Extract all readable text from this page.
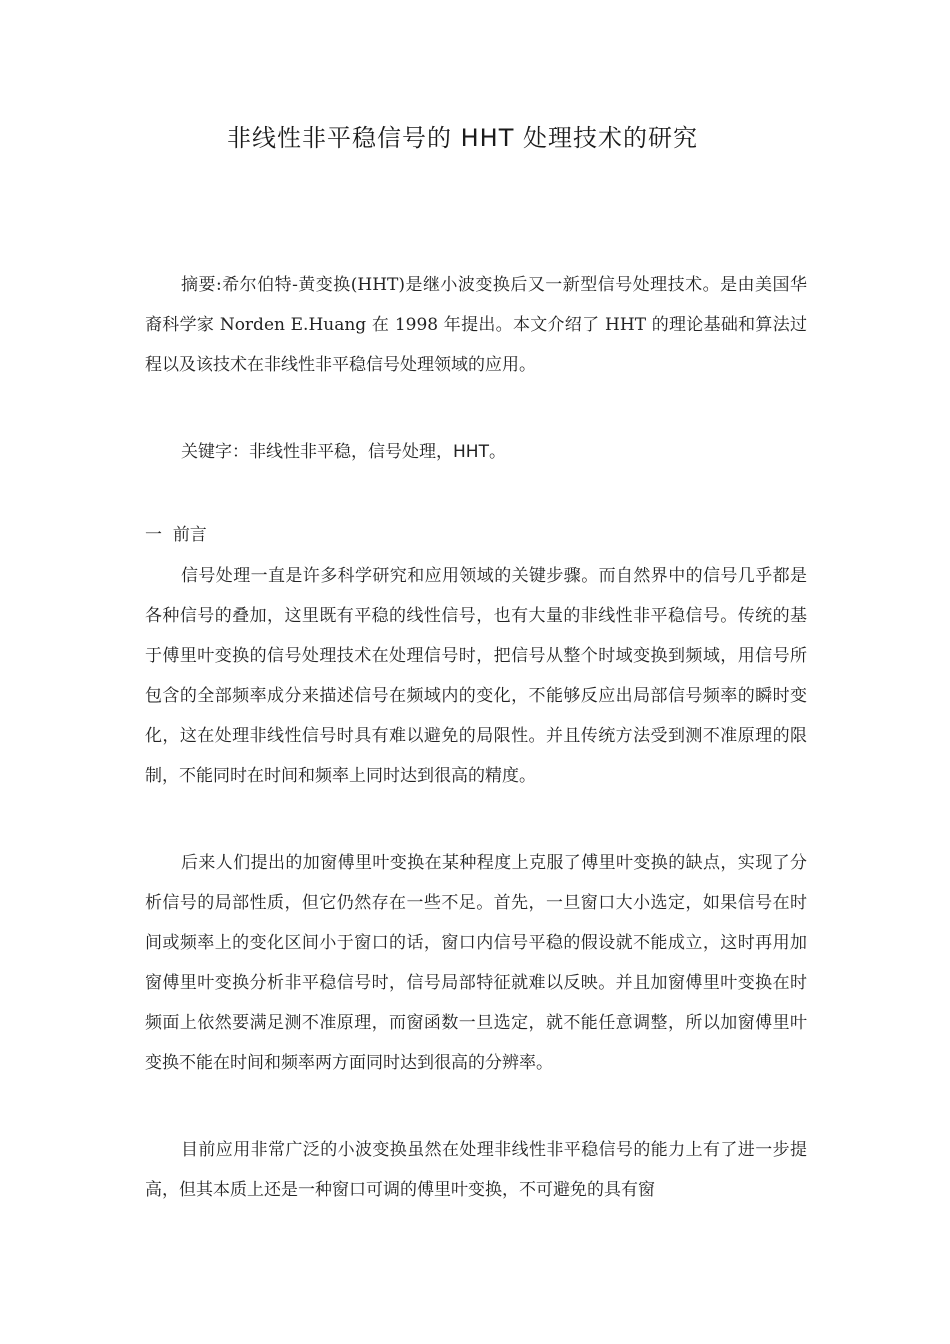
非线性非平稳信号的 HHT 处理技术的研究

摘要:希尔伯特-黄变换(HHT)是继小波变换后又一新型信号处理技术。是由美国华裔科学家 Norden E.Huang 在 1998 年提出。本文介绍了 HHT 的理论基础和算法过程以及该技术在非线性非平稳信号处理领域的应用。

关键字：非线性非平稳，信号处理，HHT。

一 前言

信号处理一直是许多科学研究和应用领域的关键步骤。而自然界中的信号几乎都是各种信号的叠加，这里既有平稳的线性信号，也有大量的非线性非平稳信号。传统的基于傅里叶变换的信号处理技术在处理信号时，把信号从整个时域变换到频域，用信号所包含的全部频率成分来描述信号在频域内的变化，不能够反应出局部信号频率的瞬时变化，这在处理非线性信号时具有难以避免的局限性。并且传统方法受到测不准原理的限制，不能同时在时间和频率上同时达到很高的精度。

后来人们提出的加窗傅里叶变换在某种程度上克服了傅里叶变换的缺点，实现了分析信号的局部性质，但它仍然存在一些不足。首先，一旦窗口大小选定，如果信号在时间或频率上的变化区间小于窗口的话，窗口内信号平稳的假设就不能成立，这时再用加窗傅里叶变换分析非平稳信号时，信号局部特征就难以反映。并且加窗傅里叶变换在时频面上依然要满足测不准原理，而窗函数一旦选定，就不能任意调整，所以加窗傅里叶变换不能在时间和频率两方面同时达到很高的分辨率。

目前应用非常广泛的小波变换虽然在处理非线性非平稳信号的能力上有了进一步提高，但其本质上还是一种窗口可调的傅里叶变换，不可避免的具有窗
